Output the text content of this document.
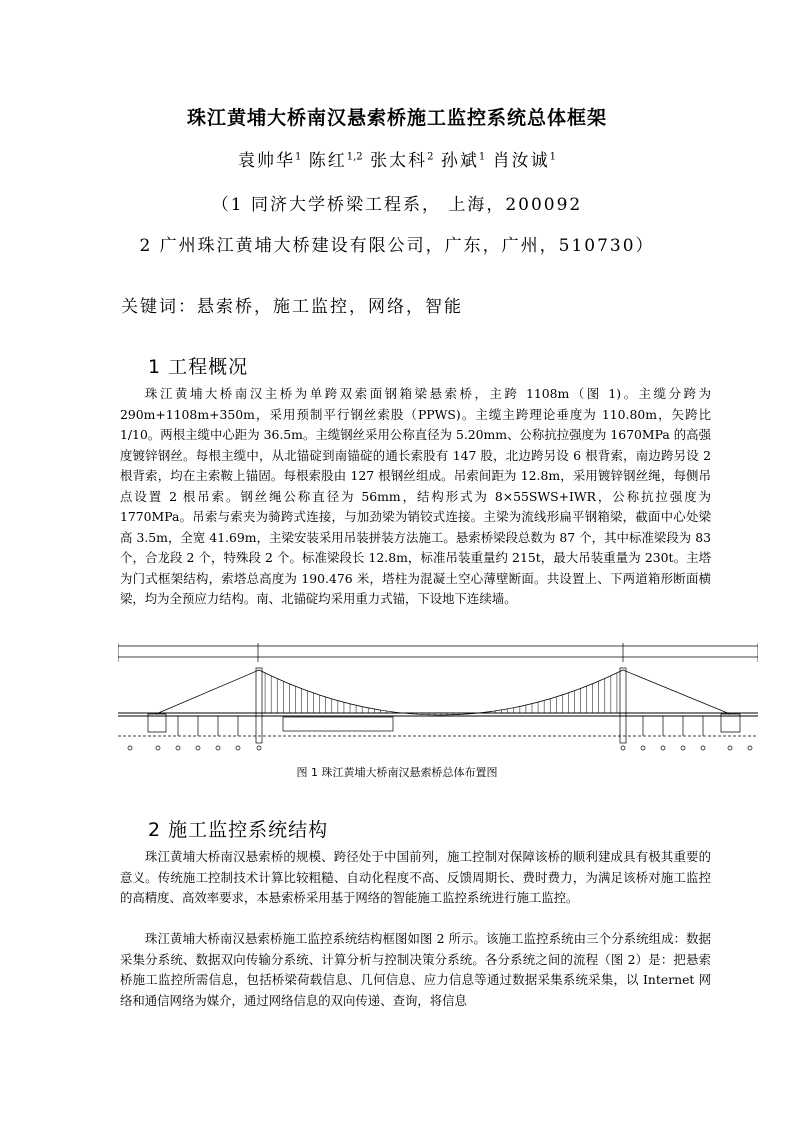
珠江黄埔大桥南汉悬索桥施工监控系统总体框架
袁帅华$^1$ 陈红$^{1,2}$ 张太科$^2$ 孙斌$^1$ 肖汝诚$^1$
（1 同济大学桥梁工程系， 上海，200092
2 广州珠江黄埔大桥建设有限公司，广东，广州，510730）
关键词：悬索桥，施工监控，网络，智能
1 工程概况
珠江黄埔大桥南汉主桥为单跨双索面钢箱梁悬索桥，主跨 1108m（图 1)。主缆分跨为 290m+1108m+350m，采用预制平行钢丝索股（PPWS)。主缆主跨理论垂度为 110.80m，矢跨比 1/10。两根主缆中心距为 36.5m。主缆钢丝采用公称直径为 5.20mm、公称抗拉强度为 1670MPa 的高强度镀锌钢丝。每根主缆中，从北锚碇到南锚碇的通长索股有 147 股，北边跨另设 6 根背索，南边跨另设 2 根背索，均在主索鞍上锚固。每根索股由 127 根钢丝组成。吊索间距为 12.8m，采用镀锌钢丝绳，每侧吊点设置 2 根吊索。钢丝绳公称直径为 56mm，结构形式为 8×55SWS+IWR，公称抗拉强度为 1770MPa。吊索与索夹为骑跨式连接，与加劲梁为销铰式连接。主梁为流线形扁平钢箱梁，截面中心处梁高 3.5m，全宽 41.69m，主梁安装采用吊装拼装方法施工。悬索桥梁段总数为 87 个，其中标准梁段为 83 个，合龙段 2 个，特殊段 2 个。标准梁段长 12.8m，标准吊装重量约 215t，最大吊装重量为 230t。主塔为门式框架结构，索塔总高度为 190.476 米，塔柱为混凝土空心薄壁断面。共设置上、下两道箱形断面横梁，均为全预应力结构。南、北锚碇均采用重力式锚，下设地下连续墙。
图 1 珠江黄埔大桥南汉悬索桥总体布置图
2 施工监控系统结构
珠江黄埔大桥南汉悬索桥的规模、跨径处于中国前列，施工控制对保障该桥的顺利建成具有极其重要的意义。传统施工控制技术计算比较粗糙、自动化程度不高、反馈周期长、费时费力，为满足该桥对施工监控的高精度、高效率要求，本悬索桥采用基于网络的智能施工监控系统进行施工监控。
珠江黄埔大桥南汉悬索桥施工监控系统结构框图如图 2 所示。该施工监控系统由三个分系统组成：数据采集分系统、数据双向传输分系统、计算分析与控制决策分系统。各分系统之间的流程（图 2）是：把悬索桥施工监控所需信息，包括桥梁荷载信息、几何信息、应力信息等通过数据采集系统采集，以 Internet 网络和通信网络为媒介，通过网络信息的双向传递、查询，将信息
